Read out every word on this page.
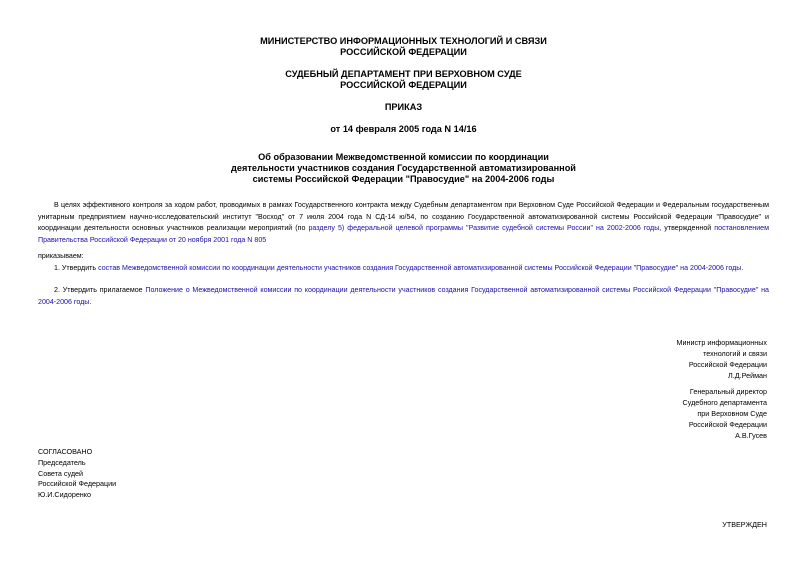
МИНИСТЕРСТВО ИНФОРМАЦИОННЫХ ТЕХНОЛОГИЙ И СВЯЗИ
РОССИЙСКОЙ ФЕДЕРАЦИИ
СУДЕБНЫЙ ДЕПАРТАМЕНТ ПРИ ВЕРХОВНОМ СУДЕ
РОССИЙСКОЙ ФЕДЕРАЦИИ
ПРИКАЗ
от 14 февраля 2005 года N 14/16
Об образовании Межведомственной комиссии по координации
деятельности участников создания Государственной автоматизированной
системы Российской Федерации "Правосудие" на 2004-2006 годы
В целях эффективного контроля за ходом работ, проводимых в рамках Государственного контракта между Судебным департаментом при Верховном Суде Российской Федерации и Федеральным государственным унитарным предприятием научно-исследовательский институт "Восход" от 7 июля 2004 года N СД-14 ю/54, по созданию Государственной автоматизированной системы Российской Федерации "Правосудие" и координации деятельности основных участников реализации мероприятий (по разделу 5) федеральной целевой программы "Развитие судебной системы России" на 2002-2006 годы, утвержденной постановлением Правительства Российской Федерации от 20 ноября 2001 года N 805
приказываем:
1. Утвердить состав Межведомственной комиссии по координации деятельности участников создания Государственной автоматизированной системы Российской Федерации "Правосудие" на 2004-2006 годы.
2. Утвердить прилагаемое Положение о Межведомственной комиссии по координации деятельности участников создания Государственной автоматизированной системы Российской Федерации "Правосудие" на 2004-2006 годы.
Министр информационных
технологий и связи
Российской Федерации
Л.Д.Рейман
Генеральный директор
Судебного департамента
при Верховном Суде
Российской Федерации
А.В.Гусев
СОГЛАСОВАНО
Председатель
Совета судей
Российской Федерации
Ю.И.Сидоренко
УТВЕРЖДЕН
